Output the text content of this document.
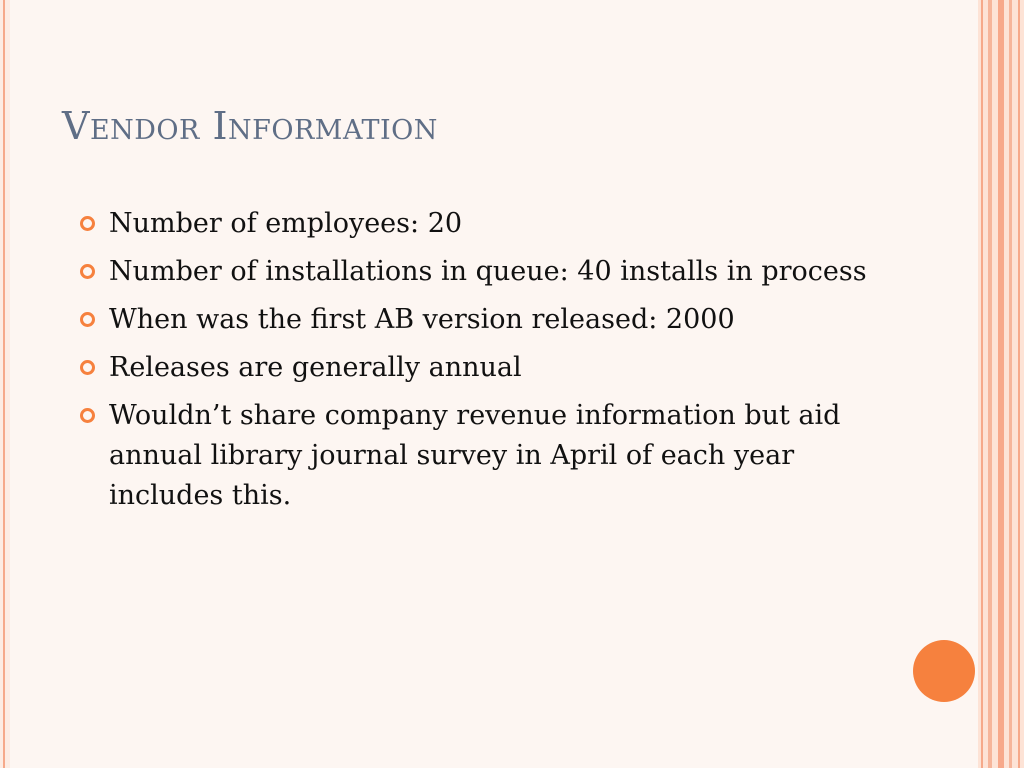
Vendor Information
Number of employees: 20
Number of installations in queue: 40 installs in process
When was the first AB version released: 2000
Releases are generally annual
Wouldn’t share company revenue information but aid annual library journal survey in April of each year includes this.
